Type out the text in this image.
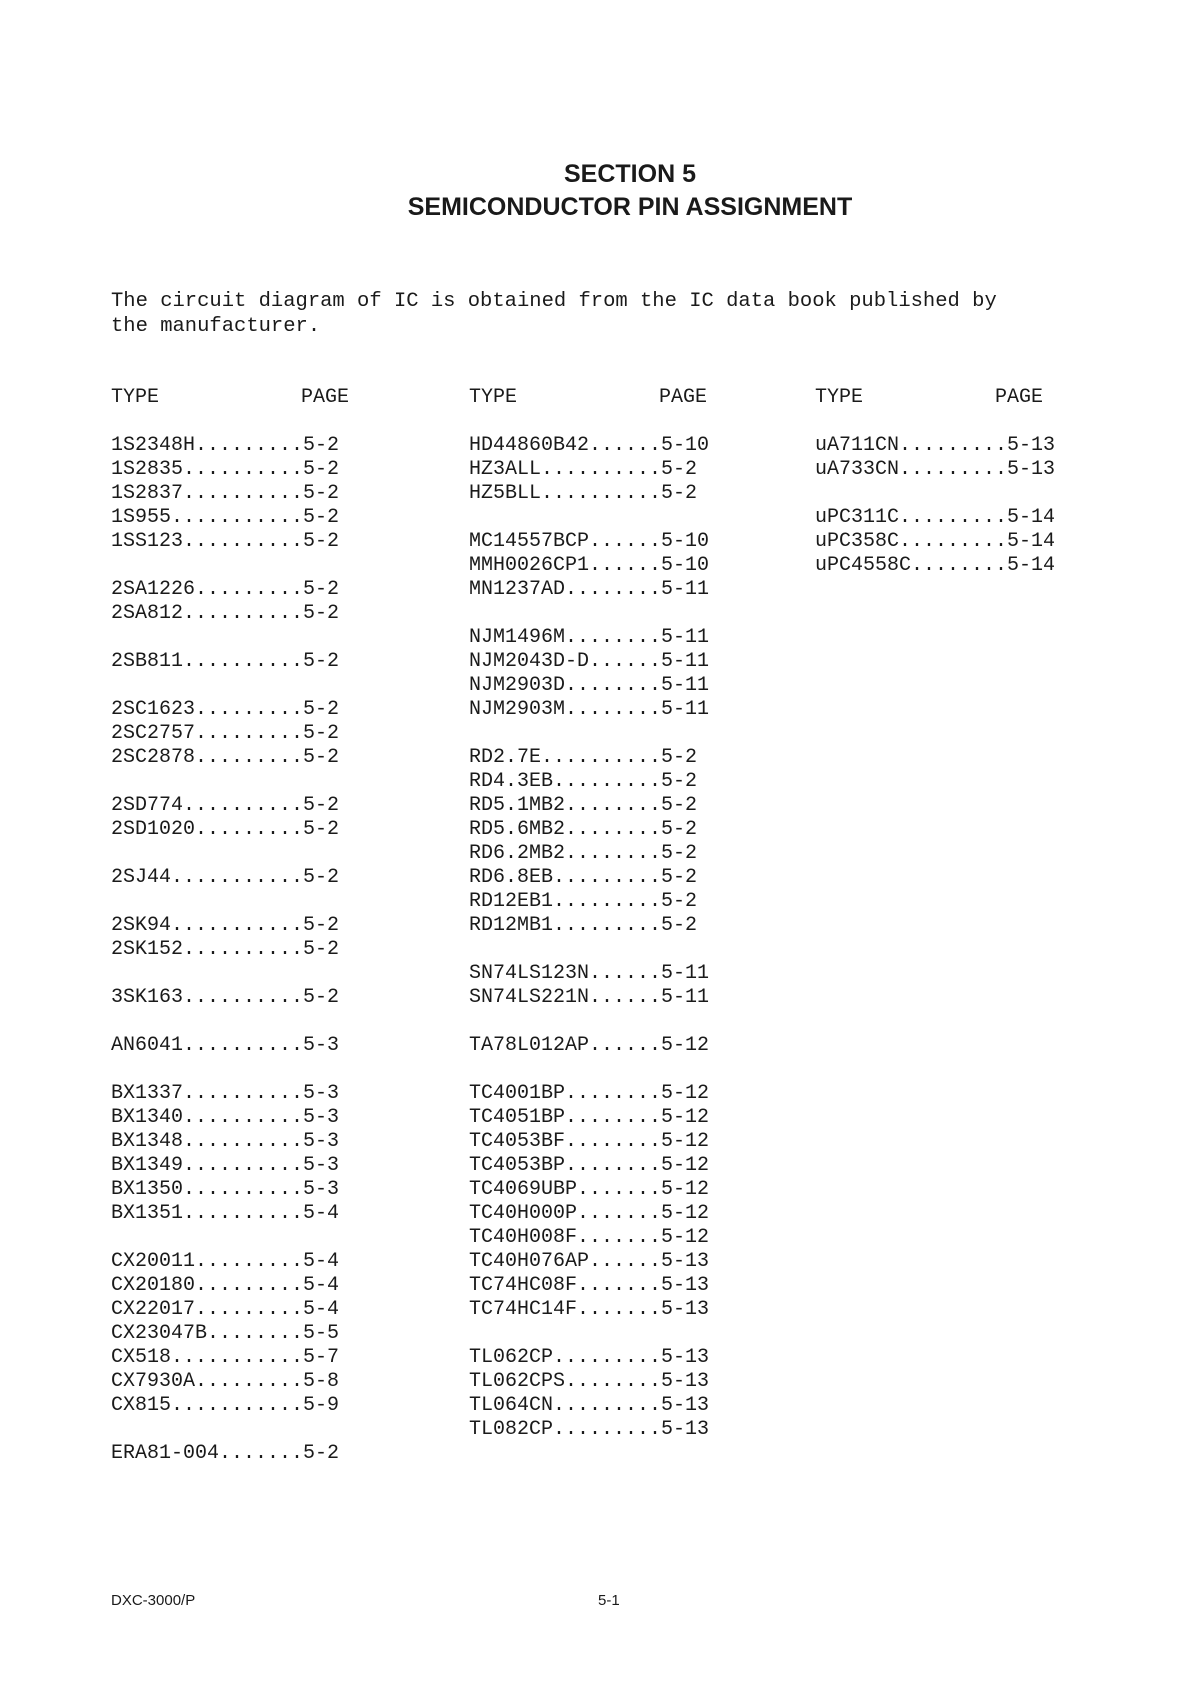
SECTION 5
SEMICONDUCTOR PIN ASSIGNMENT
The circuit diagram of IC is obtained from the IC data book published by
the manufacturer.
TYPE	PAGE
1S2348H.........5-2
1S2835..........5-2
1S2837..........5-2
1S955...........5-2
1SS123..........5-2
2SA1226.........5-2
2SA812..........5-2
2SB811..........5-2
2SC1623.........5-2
2SC2757.........5-2
2SC2878.........5-2
2SD774..........5-2
2SD1020.........5-2
2SJ44...........5-2
2SK94...........5-2
2SK152..........5-2
3SK163..........5-2
AN6041..........5-3
BX1337..........5-3
BX1340..........5-3
BX1348..........5-3
BX1349..........5-3
BX1350..........5-3
BX1351..........5-4
CX20011.........5-4
CX20180.........5-4
CX22017.........5-4
CX23047B........5-5
CX518...........5-7
CX7930A.........5-8
CX815...........5-9
ERA81-004.......5-2
TYPE	PAGE
HD44860B42......5-10
HZ3ALL..........5-2
HZ5BLL..........5-2
MC14557BCP......5-10
MMH0026CP1......5-10
MN1237AD........5-11
NJM1496M........5-11
NJM2043D-D......5-11
NJM2903D........5-11
NJM2903M........5-11
RD2.7E..........5-2
RD4.3EB.........5-2
RD5.1MB2........5-2
RD5.6MB2........5-2
RD6.2MB2........5-2
RD6.8EB.........5-2
RD12EB1.........5-2
RD12MB1.........5-2
SN74LS123N......5-11
SN74LS221N......5-11
TA78L012AP......5-12
TC4001BP........5-12
TC4051BP........5-12
TC4053BF........5-12
TC4053BP........5-12
TC4069UBP.......5-12
TC40H000P.......5-12
TC40H008F.......5-12
TC40H076AP......5-13
TC74HC08F.......5-13
TC74HC14F.......5-13
TL062CP.........5-13
TL062CPS........5-13
TL064CN.........5-13
TL082CP.........5-13
TYPE	PAGE
uA711CN.........5-13
uA733CN.........5-13
uPC311C.........5-14
uPC358C.........5-14
uPC4558C........5-14
DXC-3000/P	5-1
